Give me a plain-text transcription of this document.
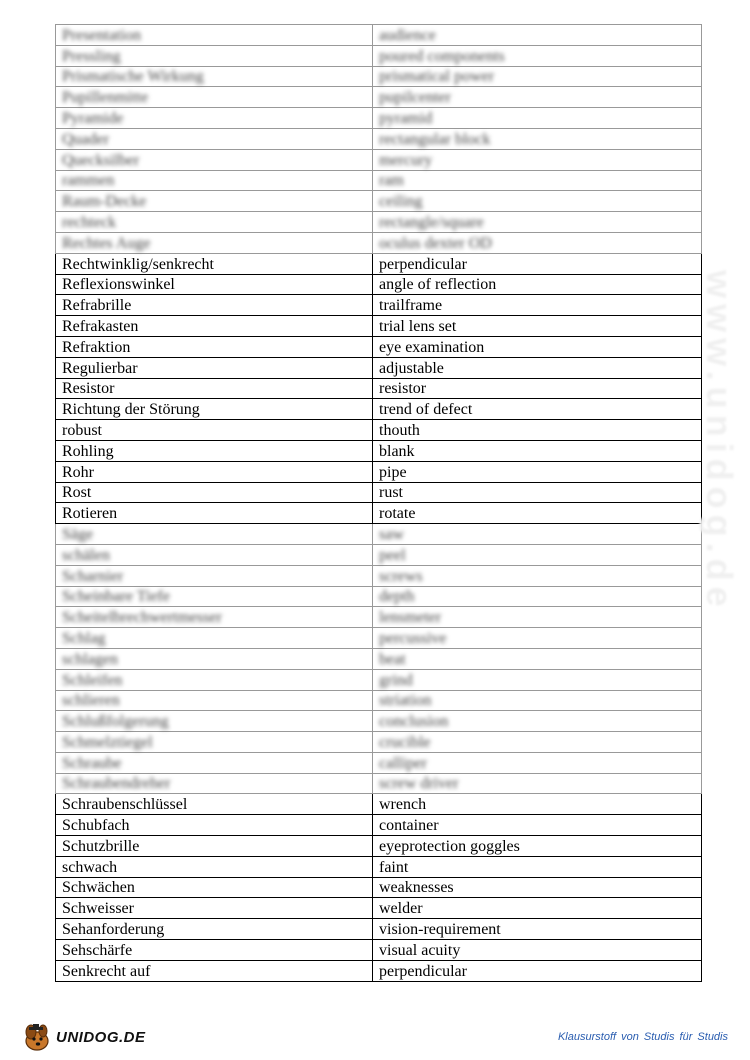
Presentation	audience
Pressling	poured components
Prismatische Wirkung	prismatical power
Pupillenmitte	pupilcenter
Pyramide	pyramid
Quader	rectangular block
Quecksilber	mercury
rammen	ram
Raum-Decke	ceiling
rechteck	rectangle/square
Rechtes Auge	oculus dexter OD
Rechtwinklig/senkrecht	perpendicular
Reflexionswinkel	angle of reflection
Refrabrille	trailframe
Refrakasten	trial lens set
Refraktion	eye examination
Regulierbar	adjustable
Resistor	resistor
Richtung der Störung	trend of defect
robust	thouth
Rohling	blank
Rohr	pipe
Rost	rust
Rotieren	rotate
Säge	saw
schälen	peel
Scharnier	screws
Scheinbare Tiefe	depth
Scheitelbrechwertmesser	lensmeter
Schlag	percussive
schlagen	beat
Schleifen	grind
schlieren	striation
Schlußfolgerung	conclusion
Schmelztiegel	crucible
Schraube	calliper
Schraubendreher	screw driver
Schraubenschlüssel	wrench
Schubfach	container
Schutzbrille	eyeprotection goggles
schwach	faint
Schwächen	weaknesses
Schweisser	welder
Sehanforderung	vision-requirement
Sehschärfe	visual acuity
Senkrecht auf	perpendicular
www.unidog.de
UNIDOG.DE	Klausurstoff von Studis für Studis
